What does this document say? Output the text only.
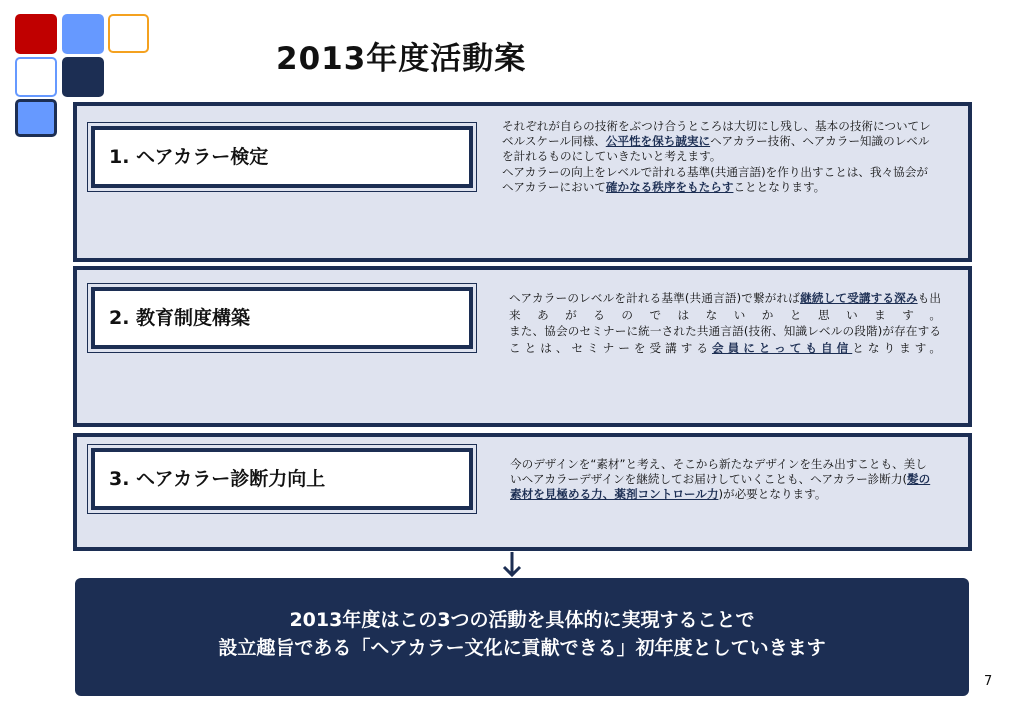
2013年度活動案
1. ヘアカラー検定
それぞれが自らの技術をぶつけ合うところは大切にし残し、基本の技術についてレベルスケール同様、公平性を保ち誠実にヘアカラー技術、ヘアカラー知識のレベルを計れるものにしていきたいと考えます。
ヘアカラーの向上をレベルで計れる基準(共通言語)を作り出すことは、我々協会がヘアカラーにおいて確かなる秩序をもたらすこととなります。
2. 教育制度構築
ヘアカラーのレベルを計れる基準(共通言語)で繋がれば継続して受講する深みも出来あがるのではないかと思います。
また、協会のセミナーに統一された共通言語(技術、知識レベルの段階)が存在することは、セミナーを受講する会員にとっても自信となります。
3. ヘアカラー診断力向上
今のデザインを“素材”と考え、そこから新たなデザインを生み出すことも、美しいヘアカラーデザインを継続してお届けしていくことも、ヘアカラー診断力(髪の素材を見極める力、薬剤コントロール力)が必要となります。
2013年度はこの3つの活動を具体的に実現することで
設立趣旨である「ヘアカラー文化に貢献できる」初年度としていきます
7
